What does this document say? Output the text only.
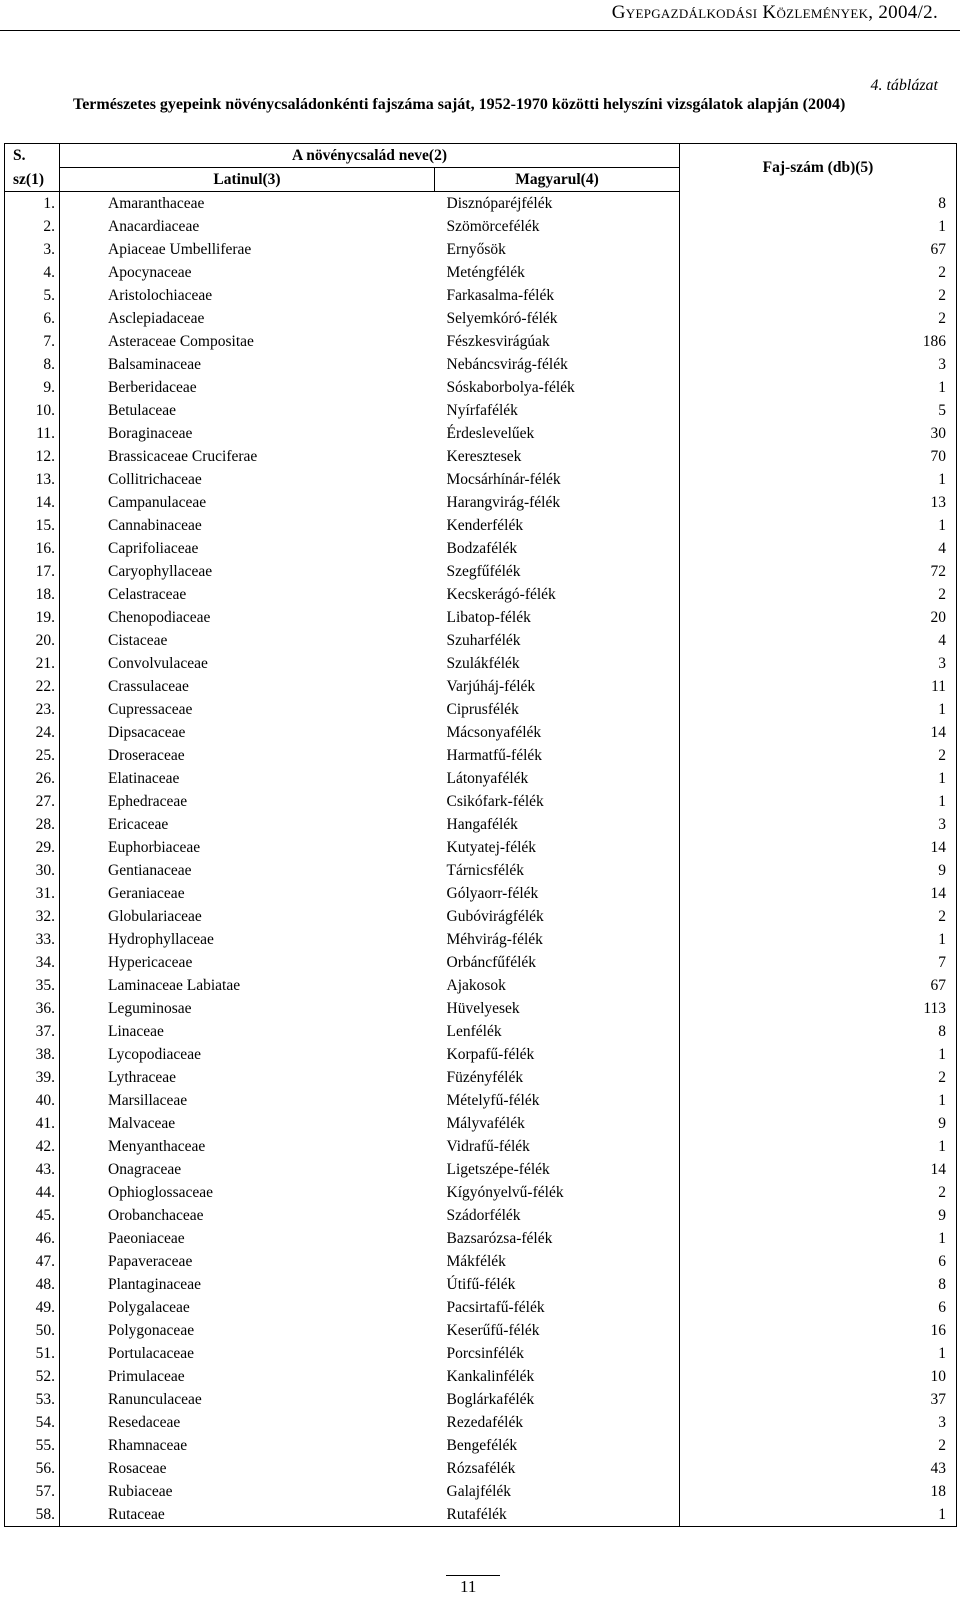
Gyepgazdálkodási Közlemények, 2004/2.
4. táblázat
Természetes gyepeink növénycsaládonkénti fajszáma saját, 1952-1970 közötti helyszíni vizsgálatok alapján (2004)
S.	A növénycsalád neve(2)		Faj-szám (db)(5)
sz(1)	Latinul(3)	Magyarul(4)	
1.	Amaranthaceae	Disznóparéjfélék	8
2.	Anacardiaceae	Szömörcefélék	1
3.	Apiaceae Umbelliferae	Ernyősök	67
4.	Apocynaceae	Meténgfélék	2
5.	Aristolochiaceae	Farkasalma-félék	2
6.	Asclepiadaceae	Selyemkóró-félék	2
7.	Asteraceae Compositae	Fészkesvirágúak	186
8.	Balsaminaceae	Nebáncsvirág-félék	3
9.	Berberidaceae	Sóskaborbolya-félék	1
10.	Betulaceae	Nyírfafélék	5
11.	Boraginaceae	Érdeslevelűek	30
12.	Brassicaceae Cruciferae	Keresztesek	70
13.	Collitrichaceae	Mocsárhínár-félék	1
14.	Campanulaceae	Harangvirág-félék	13
15.	Cannabinaceae	Kenderfélék	1
16.	Caprifoliaceae	Bodzafélék	4
17.	Caryophyllaceae	Szegfűfélék	72
18.	Celastraceae	Kecskerágó-félék	2
19.	Chenopodiaceae	Libatop-félék	20
20.	Cistaceae	Szuharfélék	4
21.	Convolvulaceae	Szulákfélék	3
22.	Crassulaceae	Varjúháj-félék	11
23.	Cupressaceae	Ciprusfélék	1
24.	Dipsacaceae	Mácsonyafélék	14
25.	Droseraceae	Harmatfű-félék	2
26.	Elatinaceae	Látonyafélék	1
27.	Ephedraceae	Csikófark-félék	1
28.	Ericaceae	Hangafélék	3
29.	Euphorbiaceae	Kutyatej-félék	14
30.	Gentianaceae	Tárnicsfélék	9
31.	Geraniaceae	Gólyaorr-félék	14
32.	Globulariaceae	Gubóvirágfélék	2
33.	Hydrophyllaceae	Méhvirág-félék	1
34.	Hypericaceae	Orbáncfűfélék	7
35.	Laminaceae Labiatae	Ajakosok	67
36.	Leguminosae	Hüvelyesek	113
37.	Linaceae	Lenfélék	8
38.	Lycopodiaceae	Korpafű-félék	1
39.	Lythraceae	Füzényfélék	2
40.	Marsillaceae	Mételyfű-félék	1
41.	Malvaceae	Mályvafélék	9
42.	Menyanthaceae	Vidrafű-félék	1
43.	Onagraceae	Ligetszépe-félék	14
44.	Ophioglossaceae	Kígyónyelvű-félék	2
45.	Orobanchaceae	Szádorfélék	9
46.	Paeoniaceae	Bazsarózsa-félék	1
47.	Papaveraceae	Mákfélék	6
48.	Plantaginaceae	Útifű-félék	8
49.	Polygalaceae	Pacsirtafű-félék	6
50.	Polygonaceae	Keserűfű-félék	16
51.	Portulacaceae	Porcsinfélék	1
52.	Primulaceae	Kankalinfélék	10
53.	Ranunculaceae	Boglárkafélék	37
54.	Resedaceae	Rezedafélék	3
55.	Rhamnaceae	Bengefélék	2
56.	Rosaceae	Rózsafélék	43
57.	Rubiaceae	Galajfélék	18
58.	Rutaceae	Rutafélék	1
11
